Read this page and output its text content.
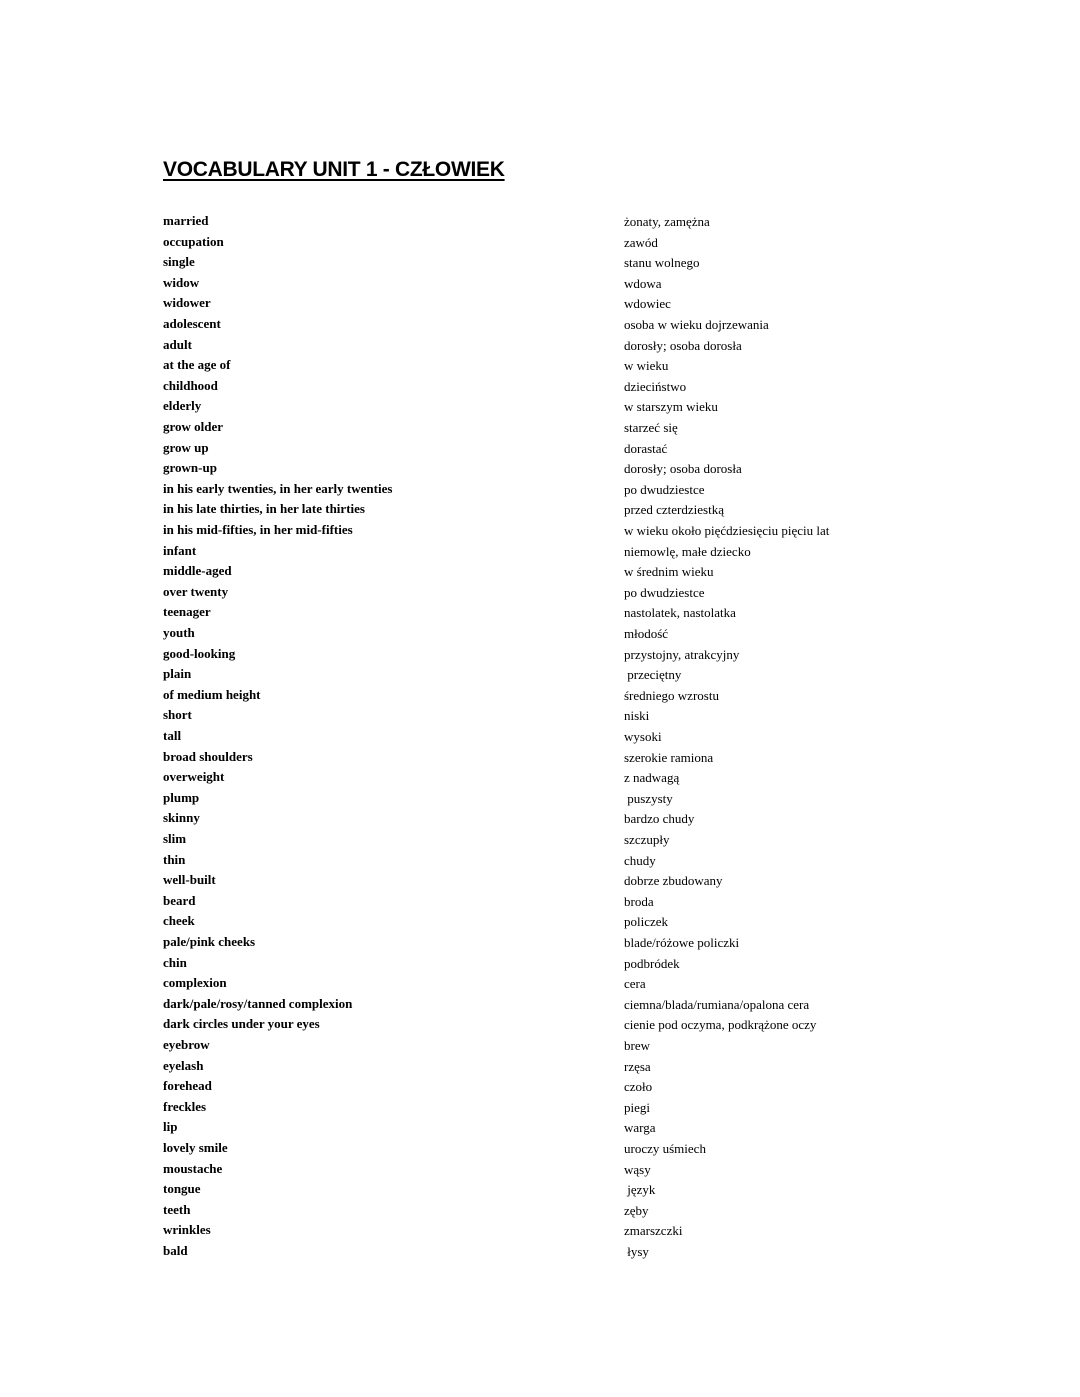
VOCABULARY UNIT 1 - CZŁOWIEK
married	żonaty, zamężna
occupation	zawód
single	stanu wolnego
widow	wdowa
widower	wdowiec
adolescent	osoba w wieku dojrzewania
adult	dorosły; osoba dorosła
at the age of	w wieku
childhood	dzieciństwo
elderly	w starszym wieku
grow older	starzeć się
grow up	dorastać
grown-up	dorosły; osoba dorosła
in his early twenties, in her early twenties	po dwudziestce
in his late thirties, in her late thirties	przed czterdziestką
in his mid-fifties, in her mid-fifties	w wieku około pięćdziesięciu pięciu lat
infant	niemowlę, małe dziecko
middle-aged	w średnim wieku
over twenty	po dwudziestce
teenager	nastolatek, nastolatka
youth	młodość
good-looking	przystojny, atrakcyjny
plain	przeciętny
of medium height	średniego wzrostu
short	niski
tall	wysoki
broad shoulders	szerokie ramiona
overweight	z nadwagą
plump	puszysty
skinny	bardzo chudy
slim	szczupły
thin	chudy
well-built	dobrze zbudowany
beard	broda
cheek	policzek
pale/pink cheeks	blade/różowe policzki
chin	podbródek
complexion	cera
dark/pale/rosy/tanned complexion	ciemna/blada/rumiana/opalona cera
dark circles under your eyes	cienie pod oczyma, podkrążone oczy
eyebrow	brew
eyelash	rzęsa
forehead	czoło
freckles	piegi
lip	warga
lovely smile	uroczy uśmiech
moustache	wąsy
tongue	język
teeth	zęby
wrinkles	zmarszczki
bald	łysy
